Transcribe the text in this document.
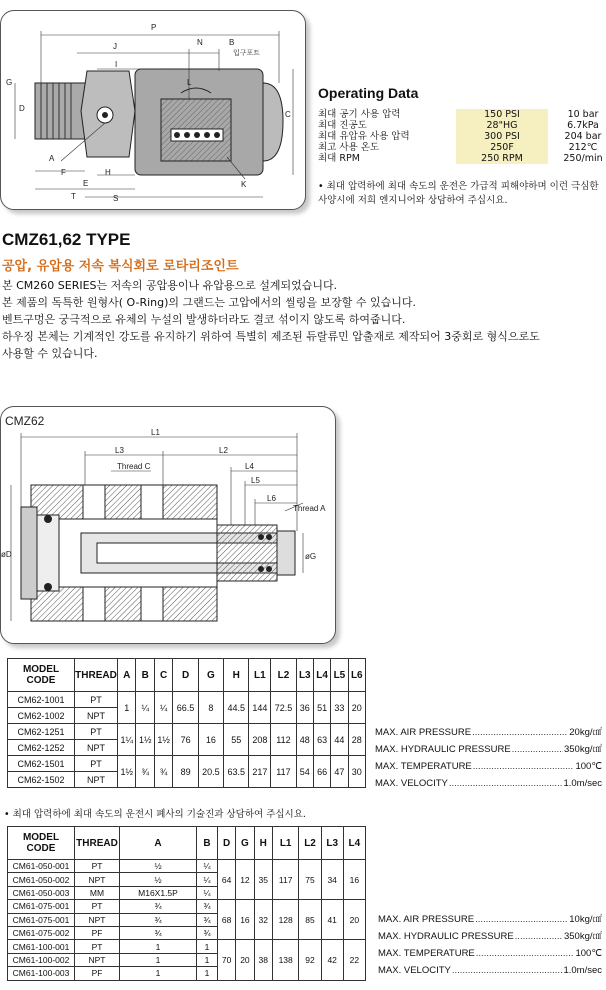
P
J	N	B
I
G
A
C
F
E
H
S
K
L
D
T
입구포트
Operating Data
최대 공기 사용 압력	150 PSI	10 bar
최대 진공도	28"HG	6.7kPa
최대 유압유 사용 압력	300 PSI	204 bar
최고 사용 온도	250F	212℃
최대 RPM	250 RPM	250/min
• 최대 압력하에 최대 속도의 운전은 가급적 피해야하며 이런 극심한 사양시에 저희 엔지니어와 상담하여 주십시요.
CMZ61,62 TYPE
공압, 유압용 저속 복식회로 로타리조인트
본 CM260 SERIES는 저속의 공압용이나 유압용으로 설계되었습니다.
본 제품의 독특한 원형사( O-Ring)의 그랜드는 고압에서의 씰링을 보장할 수 있습니다.
벤트구멍은 궁극적으로 유체의 누설의 발생하더라도 결코 섞이지 않도록 하여줍니다.
하우징 본체는 기계적인 강도를 유지하기 위하여 특별히 제조된 듀랄류민 압출재로 제작되어 3중회로 형식으로도
사용할 수 있습니다.
CMZ62
L1
L3	L2
L4
L5
L6
Thread C
Thread A
øD	øG
MODEL CODE	THREAD	A	B	C	D	G	H	L1	L2	L3	L4	L5	L6
CM62-1001	PT	1	¼	¼	66.5	8	44.5	144	72.5	36	51	33	20
CM62-1002	NPT												
CM62-1251	PT	1¼	1½	1½	76	16	55	208	112	48	63	44	28
CM62-1252	NPT												
CM62-1501	PT	1½	¾	¾	89	20.5	63.5	217	117	54	66	47	30
CM62-1502	NPT												
MAX. AIR PRESSURE .....	20kg/㎠
MAX. HYDRAULIC PRESSURE .....	350kg/㎠
MAX. TEMPERATURE .....	100℃
MAX. VELOCITY .....	1.0m/sec
• 최대 압력하에 최대 속도의 운전시 폐사의 기술진과 상담하여 주십시요.
MODEL CODE	THREAD	A	B	D	G	H	L1	L2	L3	L4
CM61-050-001	PT	½	¼	64	12	35	117	75	34	16
CM61-050-002	NPT	½	¼							
CM61-050-003	MM	M16X1.5P	¼							
CM61-075-001	PT	¾	¾	68	16	32	128	85	41	20
CM61-075-001	NPT	¾	¾							
CM61-075-002	PF	¾	¾							
CM61-100-001	PT	1	1	70	20	38	138	92	42	22
CM61-100-002	NPT	1	1							
CM61-100-003	PF	1	1							
MAX. AIR PRESSURE .....	10kg/㎠
MAX. HYDRAULIC PRESSURE .....	350kg/㎠
MAX. TEMPERATURE .....	100℃
MAX. VELOCITY .....	1.0m/sec
